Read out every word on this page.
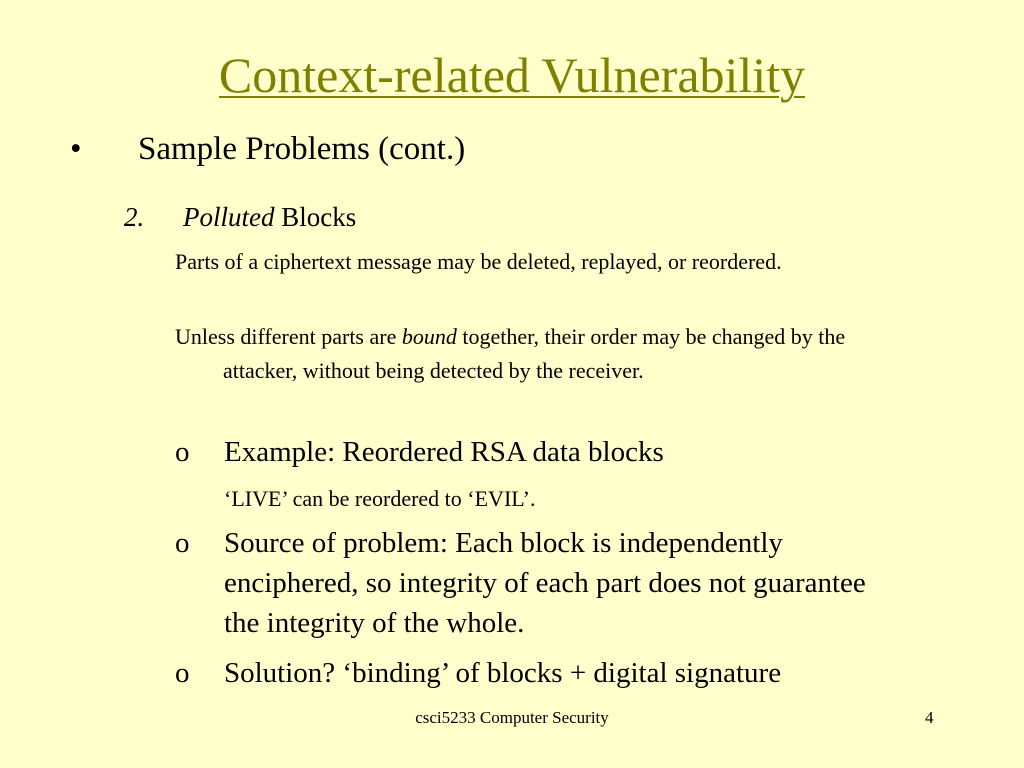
Context-related Vulnerability
• Sample Problems (cont.)
2. Polluted Blocks
Parts of a ciphertext message may be deleted, replayed, or reordered.
Unless different parts are bound together, their order may be changed by the attacker, without being detected by the receiver.
o Example: Reordered RSA data blocks
‘LIVE’ can be reordered to ‘EVIL’.
o Source of problem: Each block is independently enciphered, so integrity of each part does not guarantee the integrity of the whole.
o Solution? ‘binding’ of blocks + digital signature
csci5233 Computer Security	4
